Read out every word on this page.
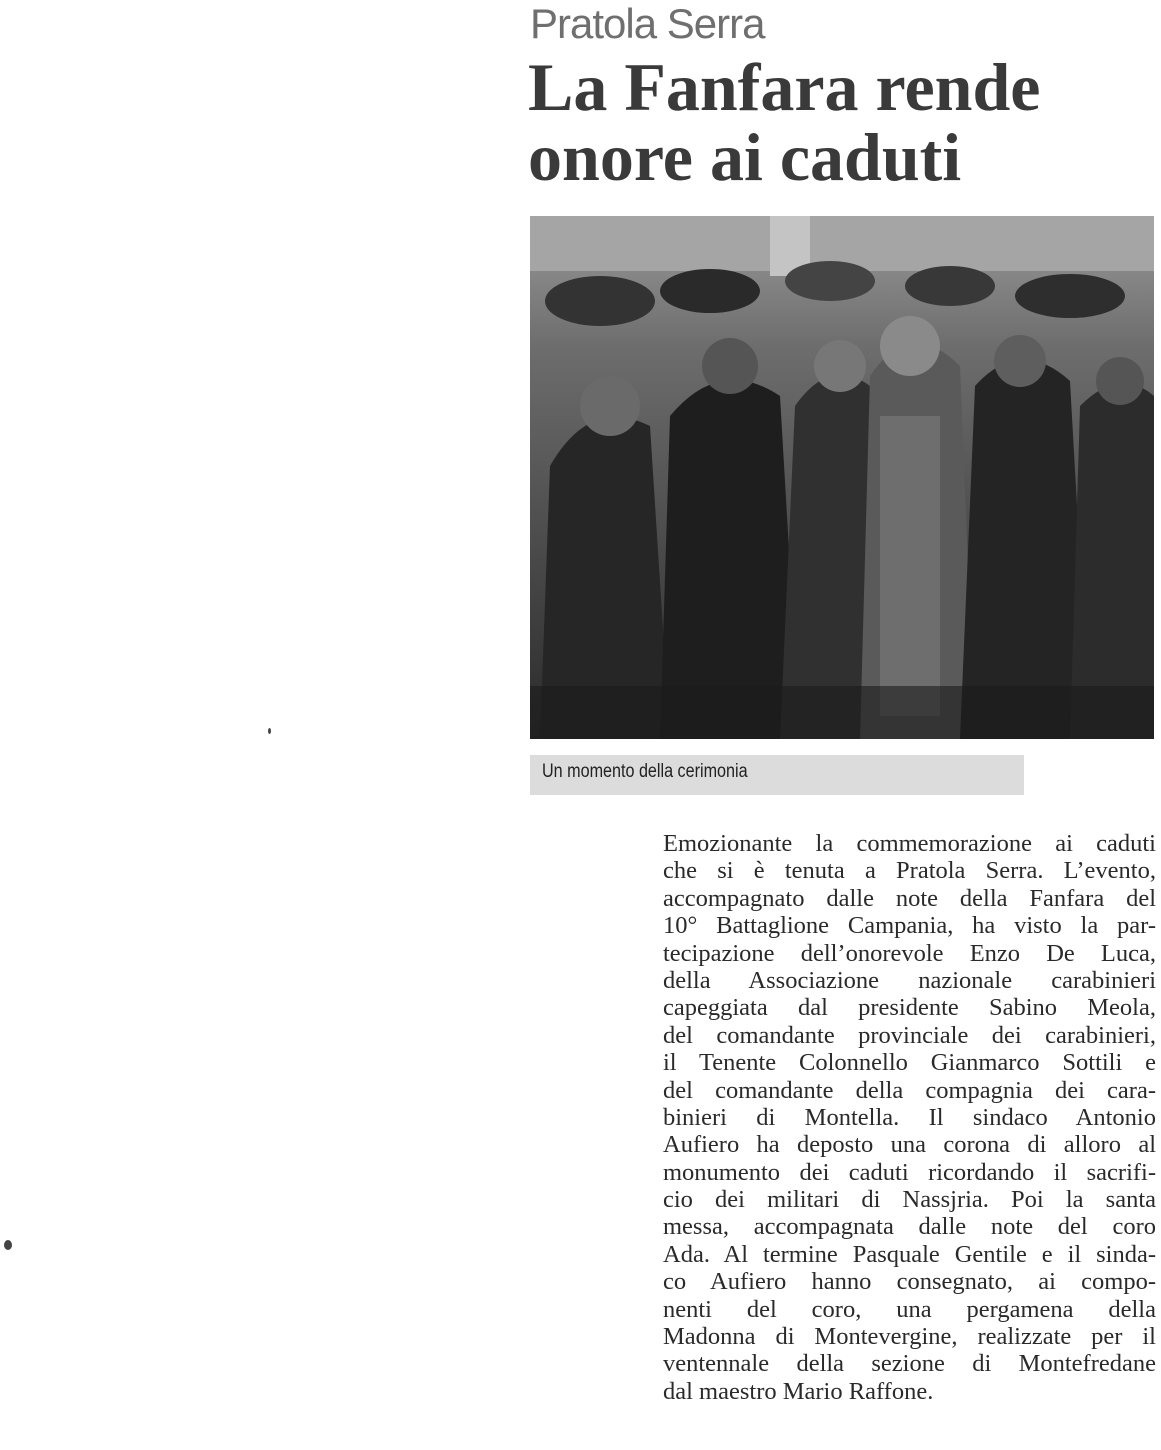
Pratola Serra
La Fanfara rende
onore ai caduti
Un momento della cerimonia
Emozionante la commemorazione ai caduti
che si è tenuta a Pratola Serra. L’evento,
accompagnato dalle note della Fanfara del
10° Battaglione Campania, ha visto la par-
tecipazione dell’onorevole Enzo De Luca,
della Associazione nazionale carabinieri
capeggiata dal presidente Sabino Meola,
del comandante provinciale dei carabinieri,
il Tenente Colonnello Gianmarco Sottili e
del comandante della compagnia dei cara-
binieri di Montella. Il sindaco Antonio
Aufiero ha deposto una corona di alloro al
monumento dei caduti ricordando il sacrifi-
cio dei militari di Nassjria. Poi la santa
messa, accompagnata dalle note del coro
Ada. Al termine Pasquale Gentile e il sinda-
co Aufiero hanno consegnato, ai compo-
nenti del coro, una pergamena della
Madonna di Montevergine, realizzate per il
ventennale della sezione di Montefredane
dal maestro Mario Raffone.
